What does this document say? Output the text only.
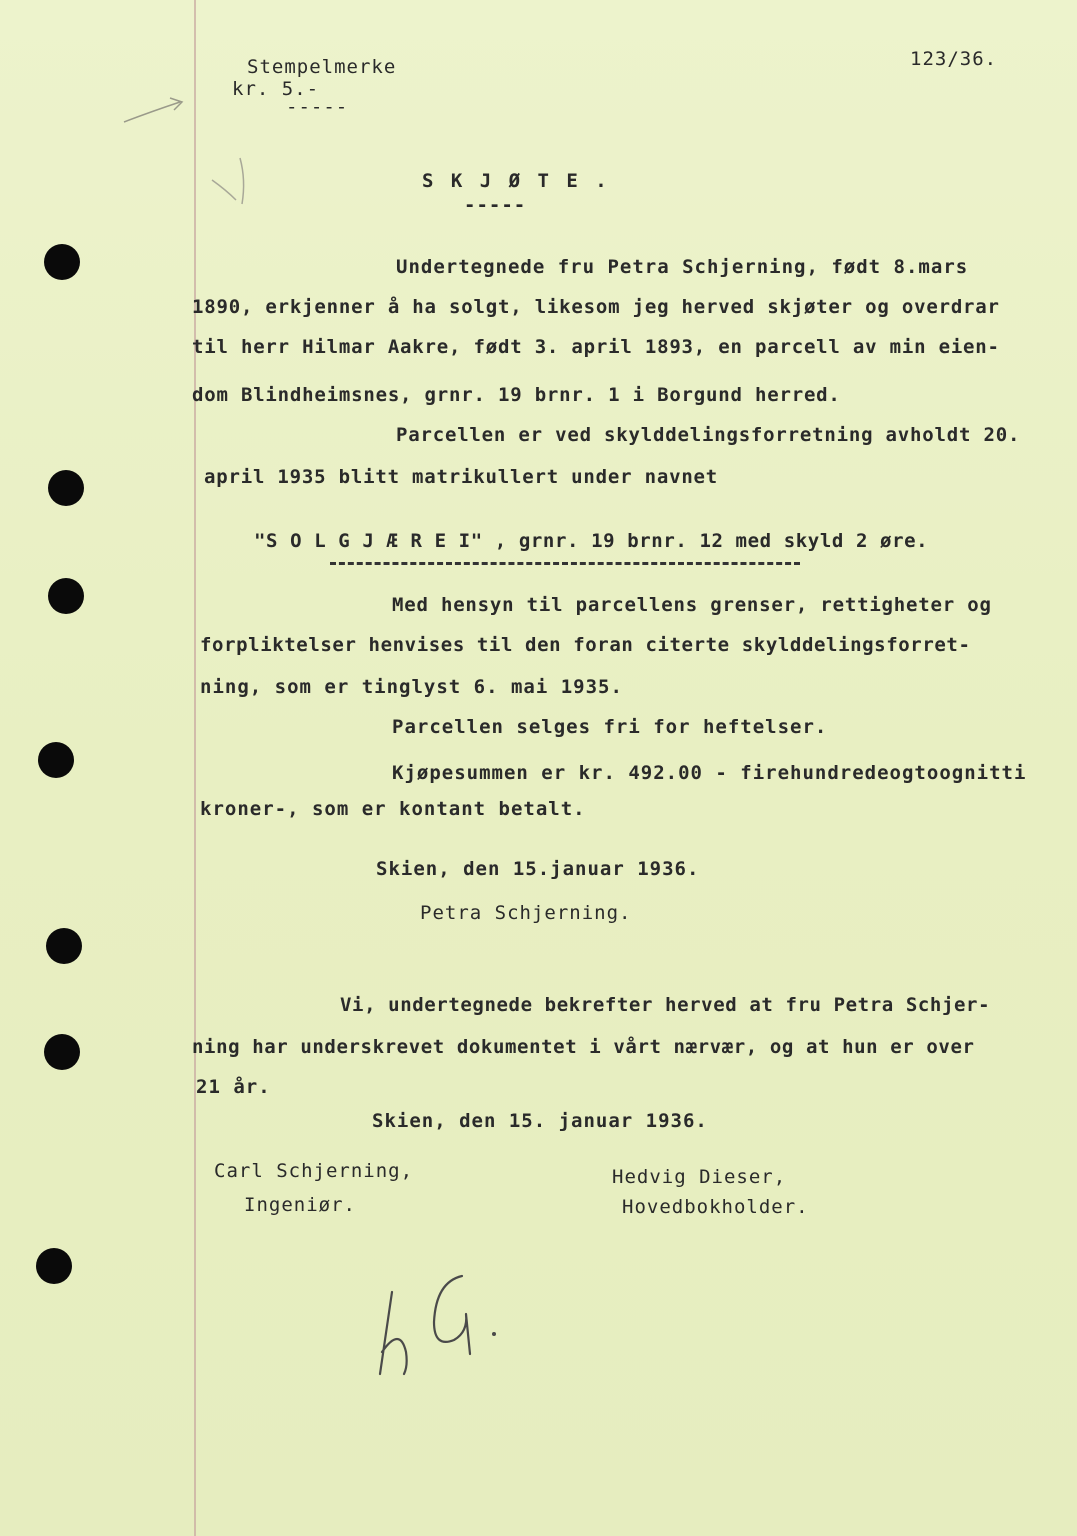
Stempelmerke
kr. 5.-
-----
123/36.
S K J Ø T E .
-----
Undertegnede fru Petra Schjerning, født 8.mars
1890, erkjenner å ha solgt, likesom jeg herved skjøter og overdrar
til herr Hilmar Aakre, født 3. april 1893, en parcell av min eien-
dom Blindheimsnes, grnr. 19 brnr. 1 i Borgund herred.
Parcellen er ved skylddelingsforretning avholdt 20.
april 1935 blitt matrikullert under navnet
"S O L G J Æ R E I" , grnr. 19 brnr. 12 med skyld 2 øre.
Med hensyn til parcellens grenser, rettigheter og
forpliktelser henvises til den foran citerte skylddelingsforret-
ning, som er tinglyst 6. mai 1935.
Parcellen selges fri for heftelser.
Kjøpesummen er kr. 492.00 - firehundredeogtoognitti
kroner-, som er kontant betalt.
Skien, den 15.januar 1936.
Petra Schjerning.
Vi, undertegnede bekrefter herved at fru Petra Schjer-
ning har underskrevet dokumentet i vårt nærvær, og at hun er over
21 år.
Skien, den 15. januar 1936.
Carl Schjerning,
Ingeniør.
Hedvig Dieser,
Hovedbokholder.
